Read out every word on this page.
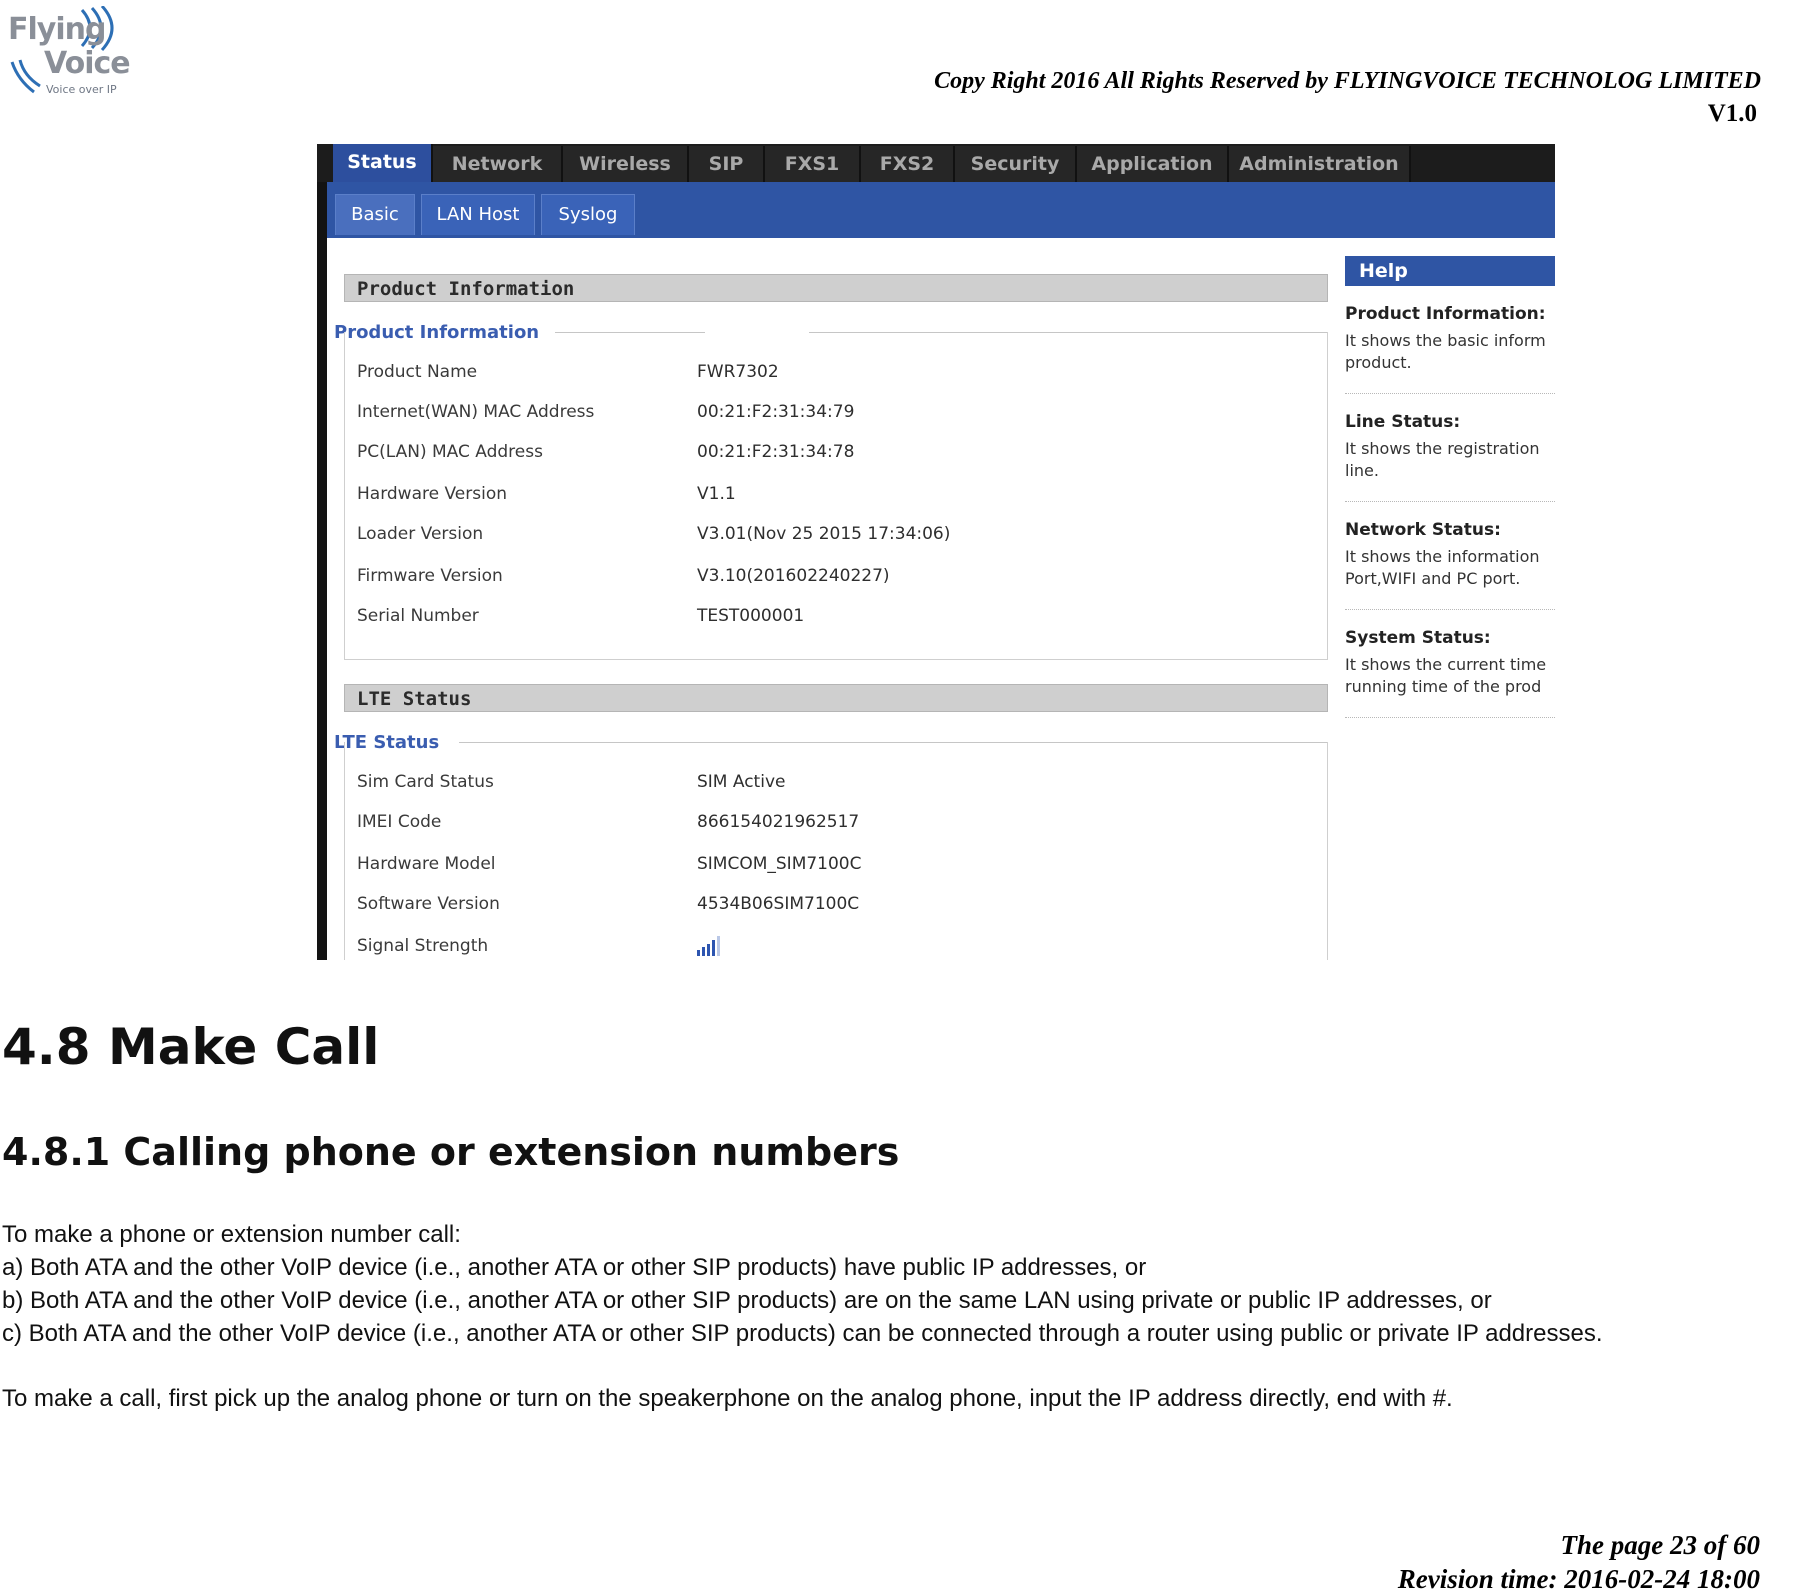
Flying
Voice
Voice over IP	Copy Right 2016 All Rights Reserved by FLYINGVOICE TECHNOLOG LIMITED
V1.0
Status	Network	Wireless	SIP	FXS1	FXS2	Security	Application	Administration
Basic	LAN Host	Syslog
Product Information
Product Information
Product Name	FWR7302
Internet(WAN) MAC Address	00:21:F2:31:34:79
PC(LAN) MAC Address	00:21:F2:31:34:78
Hardware Version	V1.1
Loader Version	V3.01(Nov 25 2015 17:34:06)
Firmware Version	V3.10(201602240227)
Serial Number	TEST000001
LTE Status
LTE Status
Sim Card Status	SIM Active
IMEI Code	866154021962517
Hardware Model	SIMCOM_SIM7100C
Software Version	4534B06SIM7100C
Signal Strength
Help
Product Information:
It shows the basic inform
product.
Line Status:
It shows the registration
line.
Network Status:
It shows the information
Port,WIFI and PC port.
System Status:
It shows the current time
running time of the prod
4.8 Make Call
4.8.1 Calling phone or extension numbers
To make a phone or extension number call:
a) Both ATA and the other VoIP device (i.e., another ATA or other SIP products) have public IP addresses, or
b) Both ATA and the other VoIP device (i.e., another ATA or other SIP products) are on the same LAN using private or public IP addresses, or
c) Both ATA and the other VoIP device (i.e., another ATA or other SIP products) can be connected through a router using public or private IP addresses.
To make a call, first pick up the analog phone or turn on the speakerphone on the analog phone, input the IP address directly, end with #.
The page 23 of 60
Revision time: 2016-02-24 18:00
